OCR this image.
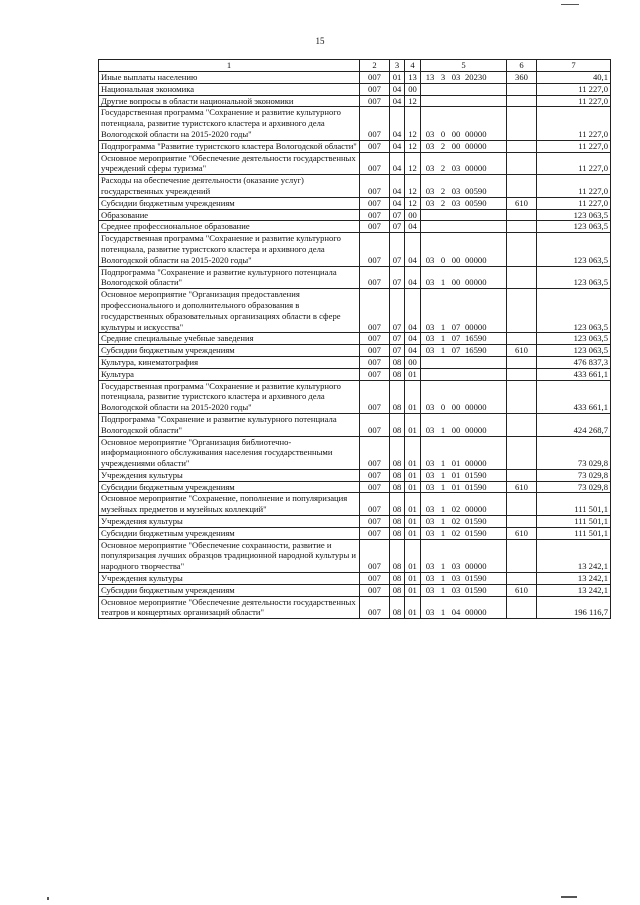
15
1	2	3	4	5	6	7
Иные выплаты населению	007	01	13	13 3 03 20230	360	40,1
Национальная экономика	007	04	00			11 227,0
Другие вопросы в области национальной экономики	007	04	12			11 227,0
Государственная программа "Сохранение и развитие культурного потенциала, развитие туристского кластера и архивного дела Вологодской области на 2015-2020 годы"	007	04	12	03 0 00 00000		11 227,0
Подпрограмма "Развитие туристского кластера Вологодской области"	007	04	12	03 2 00 00000		11 227,0
Основное мероприятие "Обеспечение деятельности государственных учреждений сферы туризма"	007	04	12	03 2 03 00000		11 227,0
Расходы на обеспечение деятельности (оказание услуг) государственных учреждений	007	04	12	03 2 03 00590		11 227,0
Субсидии бюджетным учреждениям	007	04	12	03 2 03 00590	610	11 227,0
Образование	007	07	00			123 063,5
Среднее профессиональное образование	007	07	04			123 063,5
Государственная программа "Сохранение и развитие культурного потенциала, развитие туристского кластера и архивного дела Вологодской области на 2015-2020 годы"	007	07	04	03 0 00 00000		123 063,5
Подпрограмма "Сохранение и развитие культурного потенциала Вологодской области"	007	07	04	03 1 00 00000		123 063,5
Основное мероприятие "Организация предоставления профессионального и дополнительного образования в государственных образовательных организациях области в сфере культуры и искусства"	007	07	04	03 1 07 00000		123 063,5
Средние специальные учебные заведения	007	07	04	03 1 07 16590		123 063,5
Субсидии бюджетным учреждениям	007	07	04	03 1 07 16590	610	123 063,5
Культура, кинематография	007	08	00			476 837,3
Культура	007	08	01			433 661,1
Государственная программа "Сохранение и развитие культурного потенциала, развитие туристского кластера и архивного дела Вологодской области на 2015-2020 годы"	007	08	01	03 0 00 00000		433 661,1
Подпрограмма "Сохранение и развитие культурного потенциала Вологодской области"	007	08	01	03 1 00 00000		424 268,7
Основное мероприятие "Организация библиотечно-информационного обслуживания населения государственными учреждениями области"	007	08	01	03 1 01 00000		73 029,8
Учреждения культуры	007	08	01	03 1 01 01590		73 029,8
Субсидии бюджетным учреждениям	007	08	01	03 1 01 01590	610	73 029,8
Основное мероприятие "Сохранение, пополнение и популяризация музейных предметов и музейных коллекций"	007	08	01	03 1 02 00000		111 501,1
Учреждения культуры	007	08	01	03 1 02 01590		111 501,1
Субсидии бюджетным учреждениям	007	08	01	03 1 02 01590	610	111 501,1
Основное мероприятие "Обеспечение сохранности, развитие и популяризация лучших образцов традиционной народной культуры и народного творчества"	007	08	01	03 1 03 00000		13 242,1
Учреждения культуры	007	08	01	03 1 03 01590		13 242,1
Субсидии бюджетным учреждениям	007	08	01	03 1 03 01590	610	13 242,1
Основное мероприятие "Обеспечение деятельности государственных театров и концертных организаций области"	007	08	01	03 1 04 00000		196 116,7
